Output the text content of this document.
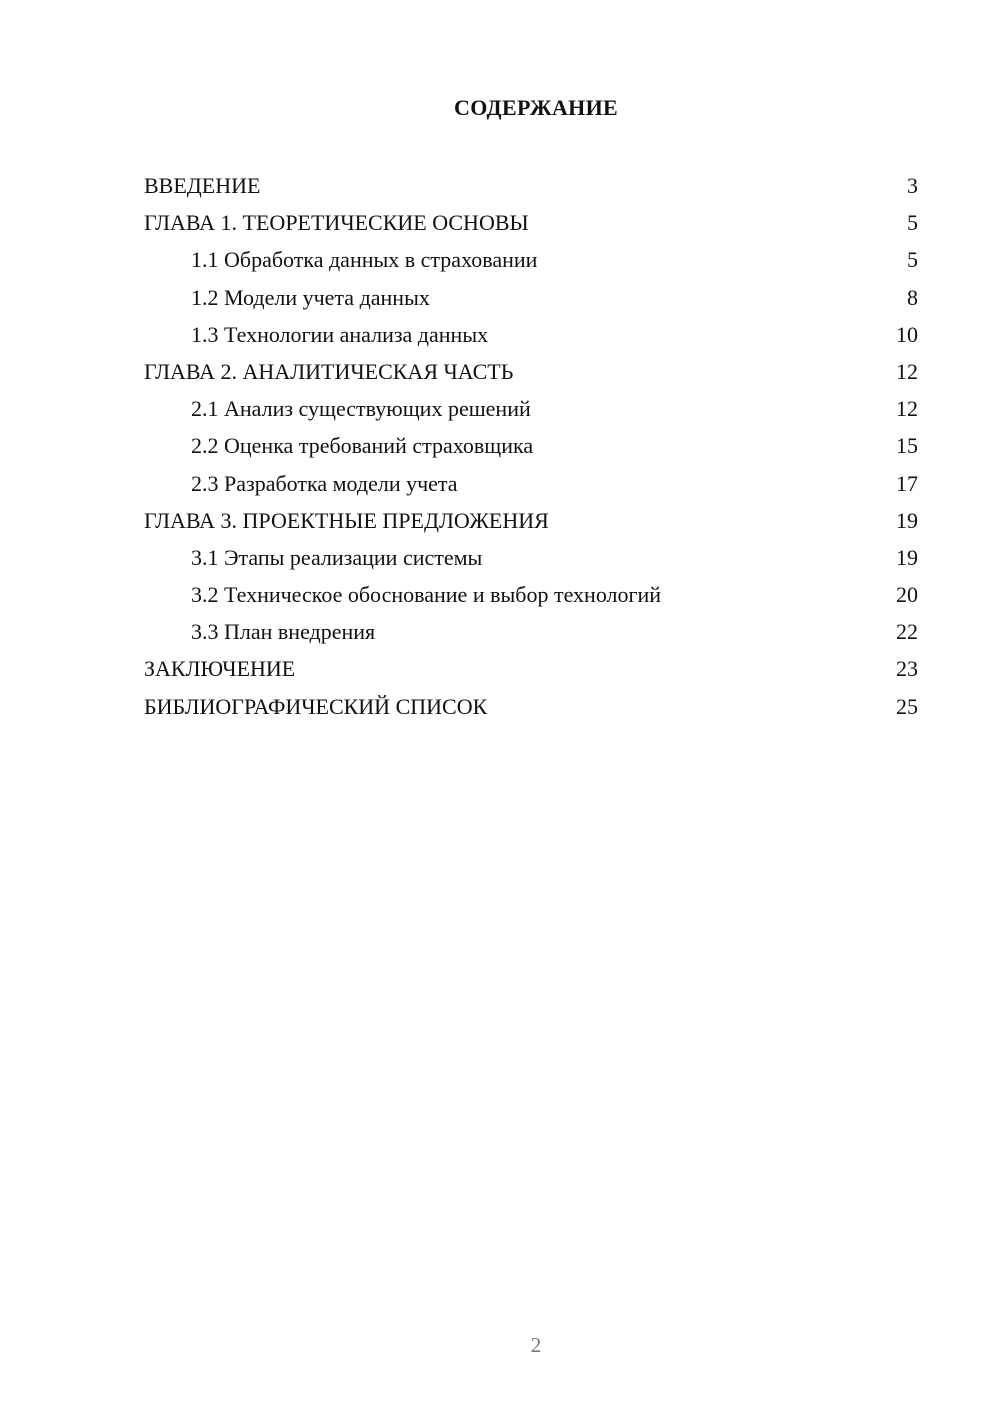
СОДЕРЖАНИЕ
ВВЕДЕНИЕ	3
ГЛАВА 1. ТЕОРЕТИЧЕСКИЕ ОСНОВЫ	5
1.1 Обработка данных в страховании	5
1.2 Модели учета данных	8
1.3 Технологии анализа данных	10
ГЛАВА 2. АНАЛИТИЧЕСКАЯ ЧАСТЬ	12
2.1 Анализ существующих решений	12
2.2 Оценка требований страховщика	15
2.3 Разработка модели учета	17
ГЛАВА 3. ПРОЕКТНЫЕ ПРЕДЛОЖЕНИЯ	19
3.1 Этапы реализации системы	19
3.2 Техническое обоснование и выбор технологий	20
3.3 План внедрения	22
ЗАКЛЮЧЕНИЕ	23
БИБЛИОГРАФИЧЕСКИЙ СПИСОК	25
2
